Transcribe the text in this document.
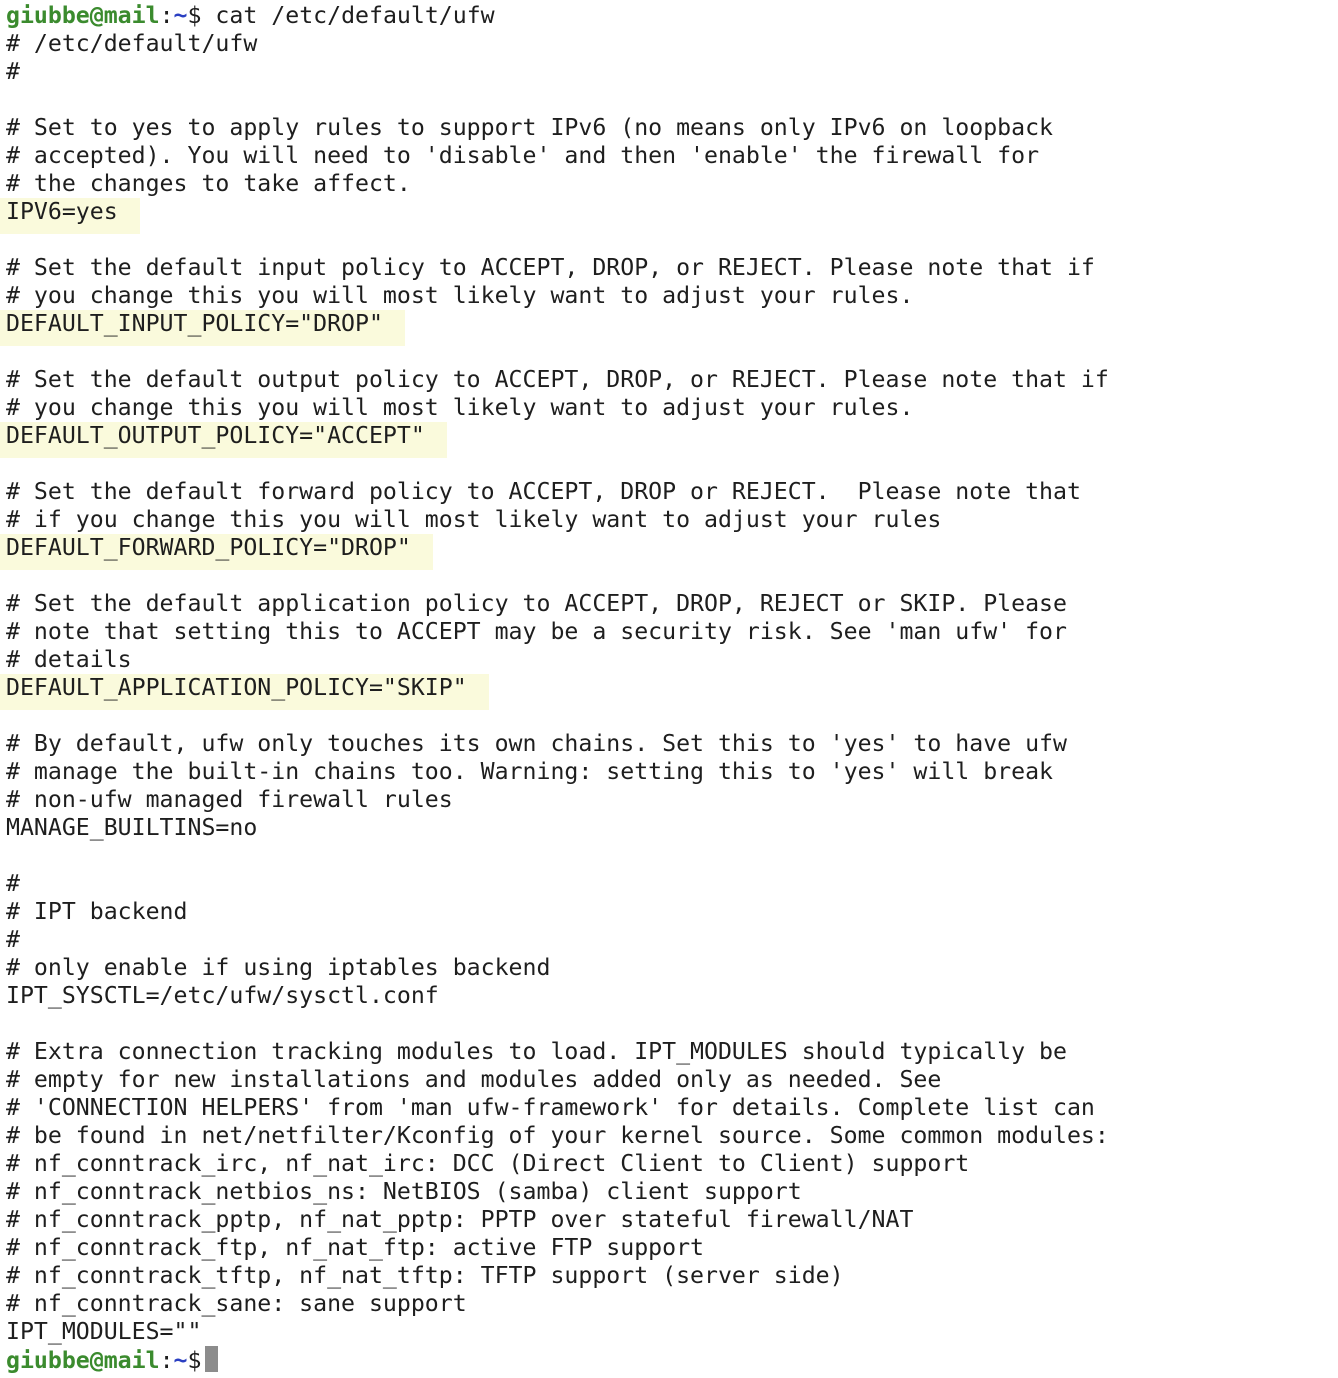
giubbe@mail:~$ cat /etc/default/ufw
# /etc/default/ufw
#
# Set to yes to apply rules to support IPv6 (no means only IPv6 on loopback
# accepted). You will need to 'disable' and then 'enable' the firewall for
# the changes to take affect.
IPV6=yes
# Set the default input policy to ACCEPT, DROP, or REJECT. Please note that if
# you change this you will most likely want to adjust your rules.
DEFAULT_INPUT_POLICY="DROP"
# Set the default output policy to ACCEPT, DROP, or REJECT. Please note that if
# you change this you will most likely want to adjust your rules.
DEFAULT_OUTPUT_POLICY="ACCEPT"
# Set the default forward policy to ACCEPT, DROP or REJECT.  Please note that
# if you change this you will most likely want to adjust your rules
DEFAULT_FORWARD_POLICY="DROP"
# Set the default application policy to ACCEPT, DROP, REJECT or SKIP. Please
# note that setting this to ACCEPT may be a security risk. See 'man ufw' for
# details
DEFAULT_APPLICATION_POLICY="SKIP"
# By default, ufw only touches its own chains. Set this to 'yes' to have ufw
# manage the built-in chains too. Warning: setting this to 'yes' will break
# non-ufw managed firewall rules
MANAGE_BUILTINS=no
#
# IPT backend
#
# only enable if using iptables backend
IPT_SYSCTL=/etc/ufw/sysctl.conf
# Extra connection tracking modules to load. IPT_MODULES should typically be
# empty for new installations and modules added only as needed. See
# 'CONNECTION HELPERS' from 'man ufw-framework' for details. Complete list can
# be found in net/netfilter/Kconfig of your kernel source. Some common modules:
# nf_conntrack_irc, nf_nat_irc: DCC (Direct Client to Client) support
# nf_conntrack_netbios_ns: NetBIOS (samba) client support
# nf_conntrack_pptp, nf_nat_pptp: PPTP over stateful firewall/NAT
# nf_conntrack_ftp, nf_nat_ftp: active FTP support
# nf_conntrack_tftp, nf_nat_tftp: TFTP support (server side)
# nf_conntrack_sane: sane support
IPT_MODULES=""
giubbe@mail:~$
